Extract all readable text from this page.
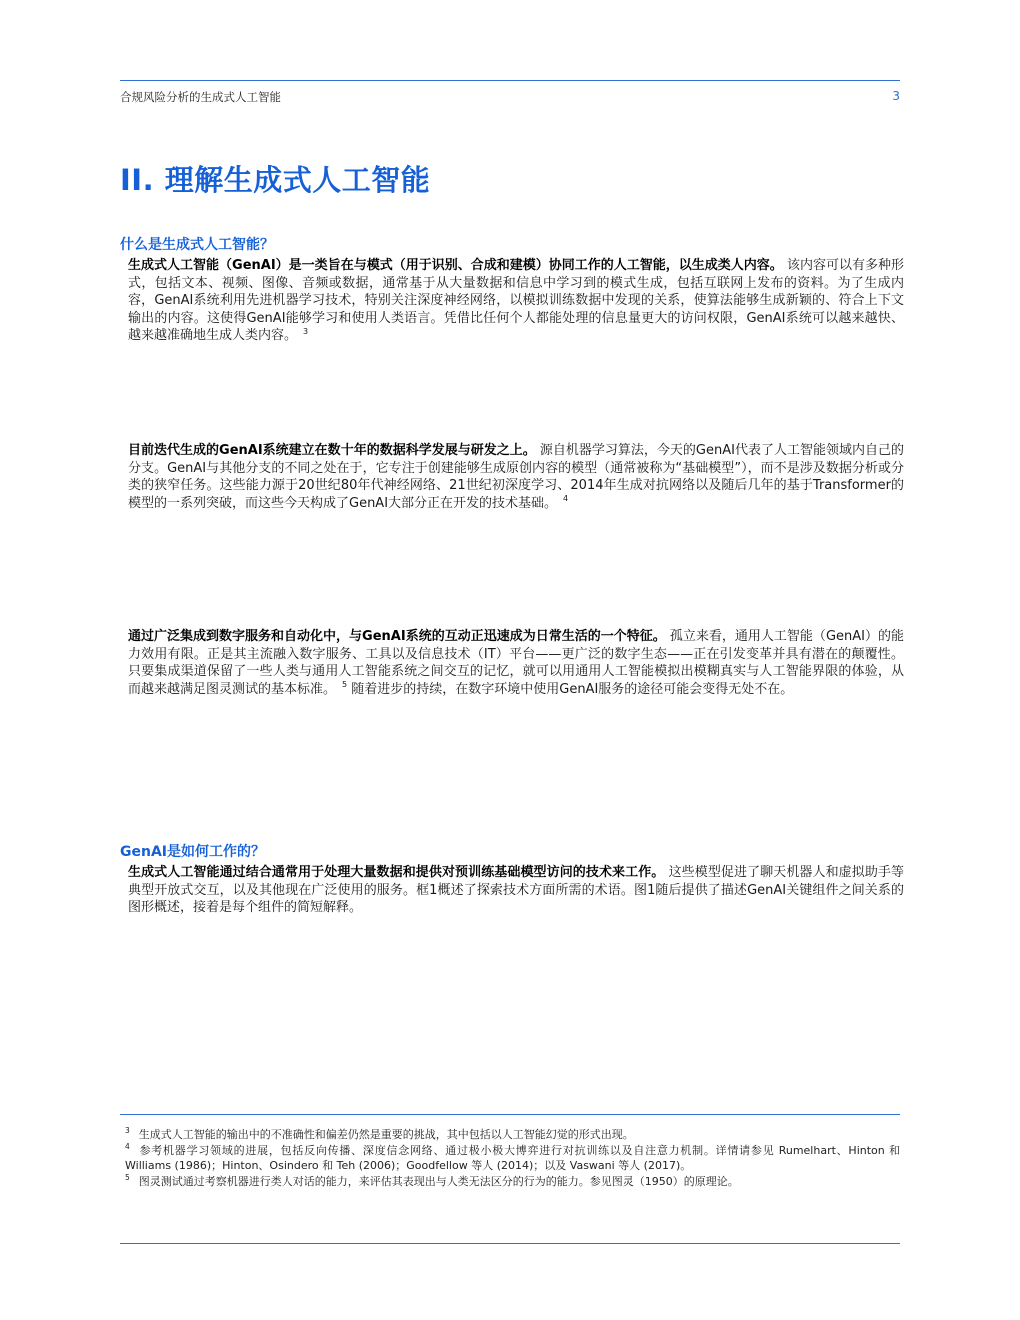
合规风险分析的生成式人工智能	3
II. 理解生成式人工智能
什么是生成式人工智能？

生成式人工智能（GenAI）是一类旨在与模式（用于识别、合成和建模）协同工作的人工智能，以生成类人内容。 该内容可以有多种形式，包括文本、视频、图像、音频或数据，通常基于从大量数据和信息中学习到的模式生成，包括互联网上发布的资料。为了生成内容，GenAI系统利用先进机器学习技术，特别关注深度神经网络，以模拟训练数据中发现的关系，使算法能够生成新颖的、符合上下文输出的内容。这使得GenAI能够学习和使用人类语言。凭借比任何个人都能处理的信息量更大的访问权限，GenAI系统可以越来越快、越来越准确地生成人类内容。 $^3$

目前迭代生成的GenAI系统建立在数十年的数据科学发展与研发之上。 源自机器学习算法，今天的GenAI代表了人工智能领域内自己的分支。GenAI与其他分支的不同之处在于，它专注于创建能够生成原创内容的模型（通常被称为“基础模型”），而不是涉及数据分析或分类的狭窄任务。这些能力源于20世纪80年代神经网络、21世纪初深度学习、2014年生成对抗网络以及随后几年的基于Transformer的模型的一系列突破，而这些今天构成了GenAI大部分正在开发的技术基础。 $^4$

通过广泛集成到数字服务和自动化中，与GenAI系统的互动正迅速成为日常生活的一个特征。 孤立来看，通用人工智能（GenAI）的能力效用有限。正是其主流融入数字服务、工具以及信息技术（IT）平台——更广泛的数字生态——正在引发变革并具有潜在的颠覆性。只要集成渠道保留了一些人类与通用人工智能系统之间交互的记忆，就可以用通用人工智能模拟出模糊真实与人工智能界限的体验，从而越来越满足图灵测试的基本标准。 $^5$ 随着进步的持续，在数字环境中使用GenAI服务的途径可能会变得无处不在。

GenAI是如何工作的？

生成式人工智能通过结合通常用于处理大量数据和提供对预训练基础模型访问的技术来工作。 这些模型促进了聊天机器人和虚拟助手等典型开放式交互，以及其他现在广泛使用的服务。框1概述了探索技术方面所需的术语。图1随后提供了描述GenAI关键组件之间关系的图形概述，接着是每个组件的简短解释。

$^3$ 生成式人工智能的输出中的不准确性和偏差仍然是重要的挑战，其中包括以人工智能幻觉的形式出现。

$^4$ 参考机器学习领域的进展，包括反向传播、深度信念网络、通过极小极大博弈进行对抗训练以及自注意力机制。详情请参见 Rumelhart、Hinton 和 Williams (1986)；Hinton、Osindero 和 Teh (2006)；Goodfellow 等人 (2014)；以及 Vaswani 等人 (2017)。

$^5$ 图灵测试通过考察机器进行类人对话的能力，来评估其表现出与人类无法区分的行为的能力。参见图灵（1950）的原理论。
